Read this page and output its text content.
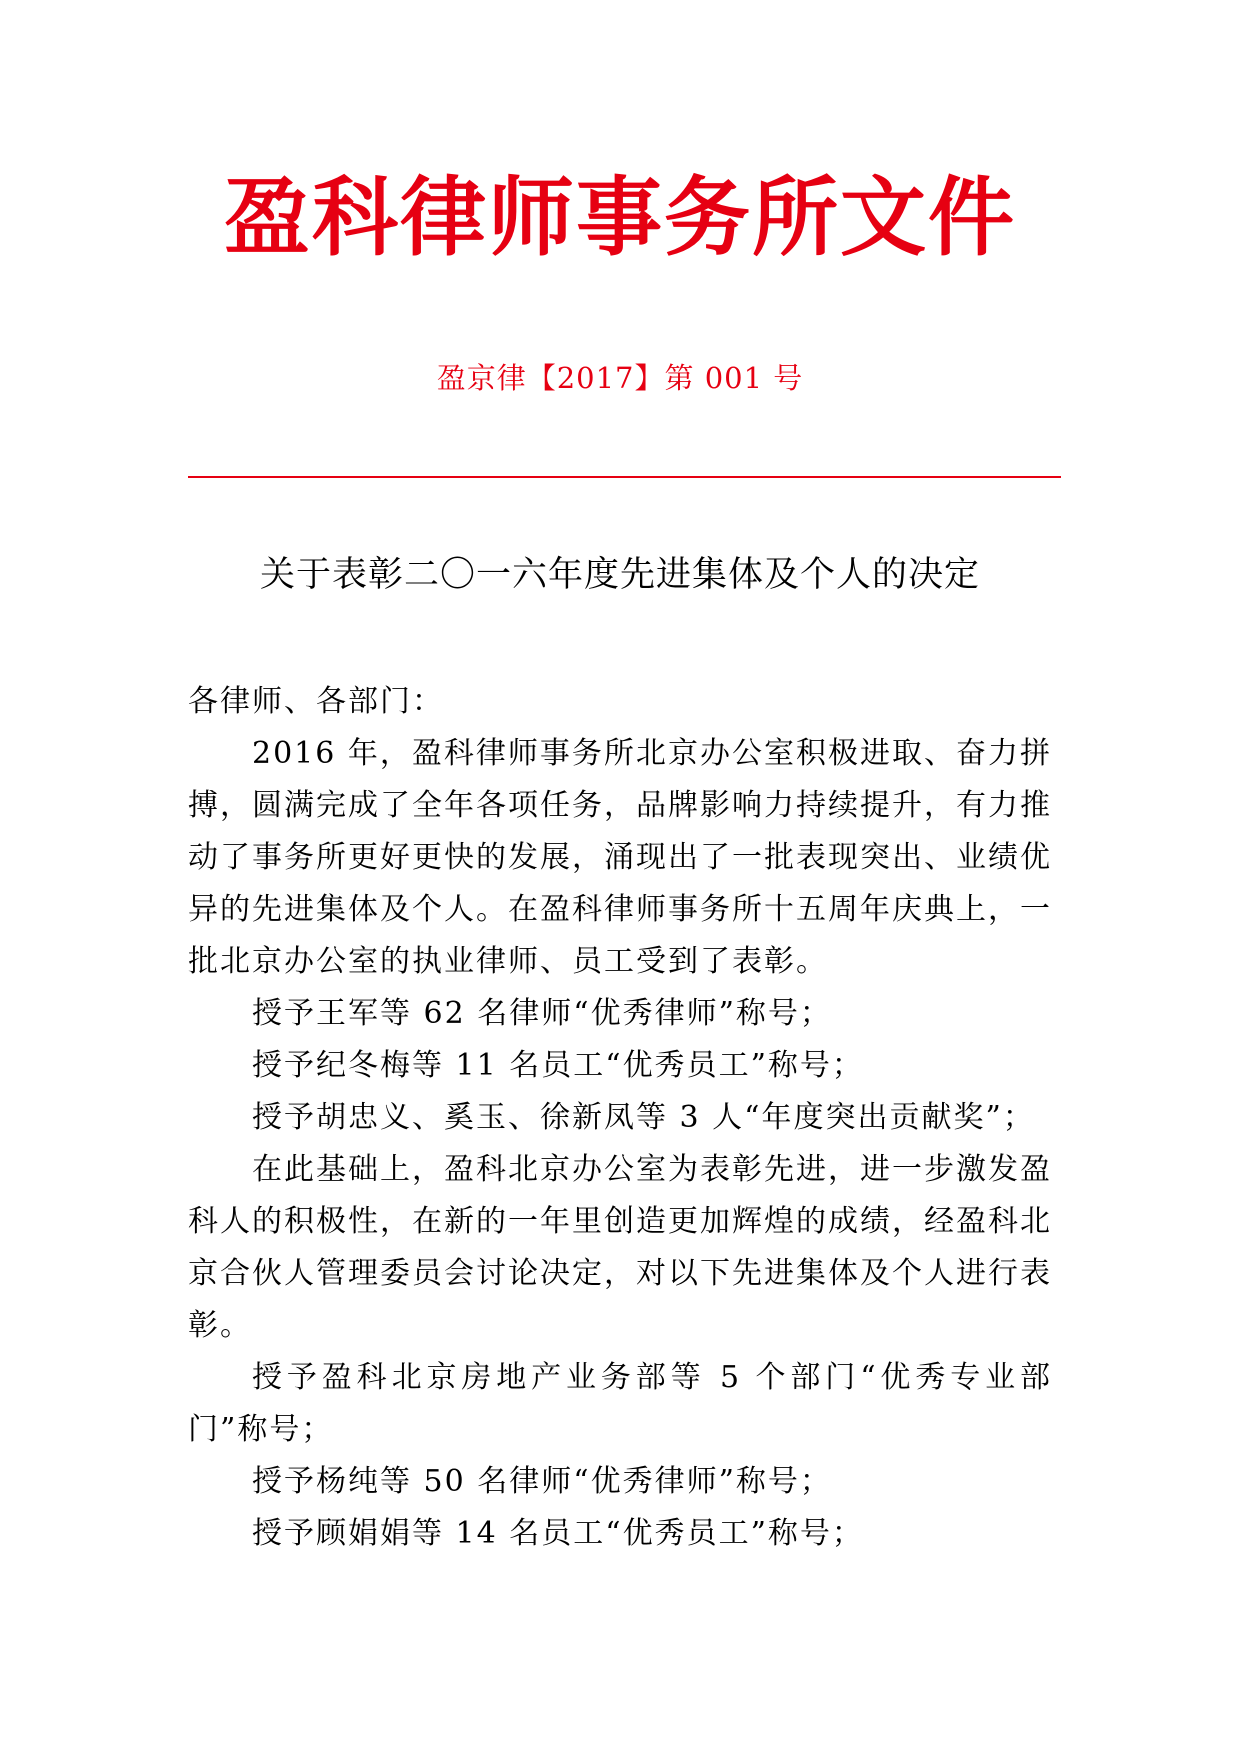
盈科律师事务所文件
盈京律【2017】第 001 号
关于表彰二〇一六年度先进集体及个人的决定

各律师、各部门：

2016 年，盈科律师事务所北京办公室积极进取、奋力拼搏，圆满完成了全年各项任务，品牌影响力持续提升，有力推动了事务所更好更快的发展，涌现出了一批表现突出、业绩优异的先进集体及个人。在盈科律师事务所十五周年庆典上，一批北京办公室的执业律师、员工受到了表彰。

授予王军等 62 名律师“优秀律师”称号；

授予纪冬梅等 11 名员工“优秀员工”称号；

授予胡忠义、奚玉、徐新凤等 3 人“年度突出贡献奖”；

在此基础上，盈科北京办公室为表彰先进，进一步激发盈科人的积极性，在新的一年里创造更加辉煌的成绩，经盈科北京合伙人管理委员会讨论决定，对以下先进集体及个人进行表彰。

授予盈科北京房地产业务部等 5 个部门“优秀专业部门”称号；

授予杨纯等 50 名律师“优秀律师”称号；

授予顾娟娟等 14 名员工“优秀员工”称号；
